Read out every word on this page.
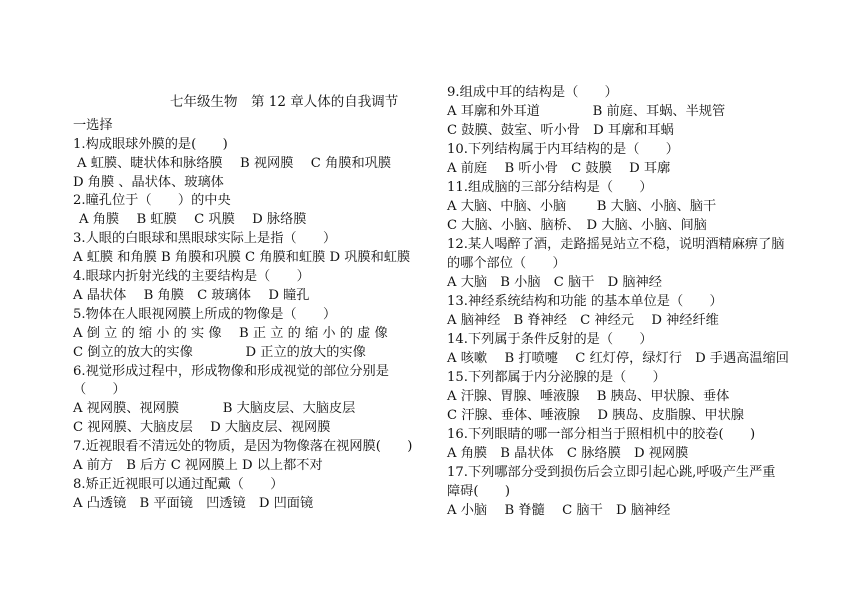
七年级生物　第 12 章人体的自我调节
一选择
1.构成眼球外膜的是(　　)
A 虹膜、睫状体和脉络膜　 B 视网膜　 C 角膜和巩膜
D 角膜 、晶状体、玻璃体
2.瞳孔位于（　　）的中央
A 角膜　 B 虹膜　 C 巩膜　 D 脉络膜
3.人眼的白眼球和黑眼球实际上是指（　　）
A 虹膜 和角膜 B 角膜和巩膜 C 角膜和虹膜 D 巩膜和虹膜
4.眼球内折射光线的主要结构是（　　）
A 晶状体　 B 角膜　C 玻璃体　 D 瞳孔
5.物体在人眼视网膜上所成的物像是（　　）
A 倒 立 的 缩 小 的 实 像　 B 正 立 的 缩 小 的 虚 像
C 倒立的放大的实像　　　　D 正立的放大的实像
6.视觉形成过程中，形成物像和形成视觉的部位分别是
（　　）
A 视网膜、视网膜　　　 B 大脑皮层、大脑皮层
C 视网膜、大脑皮层　 D 大脑皮层、视网膜
7.近视眼看不清远处的物质，是因为物像落在视网膜(　　)
A 前方　B 后方 C 视网膜上 D 以上都不对
8.矫正近视眼可以通过配戴（　　）
A 凸透镜　B 平面镜　凹透镜　D 凹面镜
9.组成中耳的结构是（　　）
A 耳廓和外耳道　　　　B 前庭、耳蜗、半规管
C 鼓膜、鼓室、听小骨　D 耳廓和耳蜗
10.下列结构属于内耳结构的是（　　）
A 前庭　 B 听小骨　C 鼓膜　 D 耳廓
11.组成脑的三部分结构是（　　）
A 大脑、中脑、小脑　　 B 大脑、小脑、脑干
C 大脑、小脑、脑桥、　D 大脑、小脑、间脑
12.某人喝醉了酒，走路摇晃站立不稳，说明酒精麻痹了脑
的哪个部位（　　）
A 大脑　B 小脑　C 脑干　D 脑神经
13.神经系统结构和功能 的基本单位是（　　）
A 脑神经　B 脊神经　C 神经元　 D 神经纤维
14.下列属于条件反射的是（　　）
A 咳嗽　 B 打喷嚏　 C 红灯停，绿灯行　D 手遇高温缩回
15.下列都属于内分泌腺的是（　　）
A 汗腺、胃腺、唾液腺　 B 胰岛、甲状腺、垂体
C 汗腺、垂体、唾液腺　 D 胰岛、皮脂腺、甲状腺
16.下列眼睛的哪一部分相当于照相机中的胶卷(　　)
A 角膜　B 晶状体　C 脉络膜　D 视网膜
17.下列哪部分受到损伤后会立即引起心跳,呼吸产生严重
障碍(　　)
A 小脑　 B 脊髓　 C 脑干　D 脑神经
